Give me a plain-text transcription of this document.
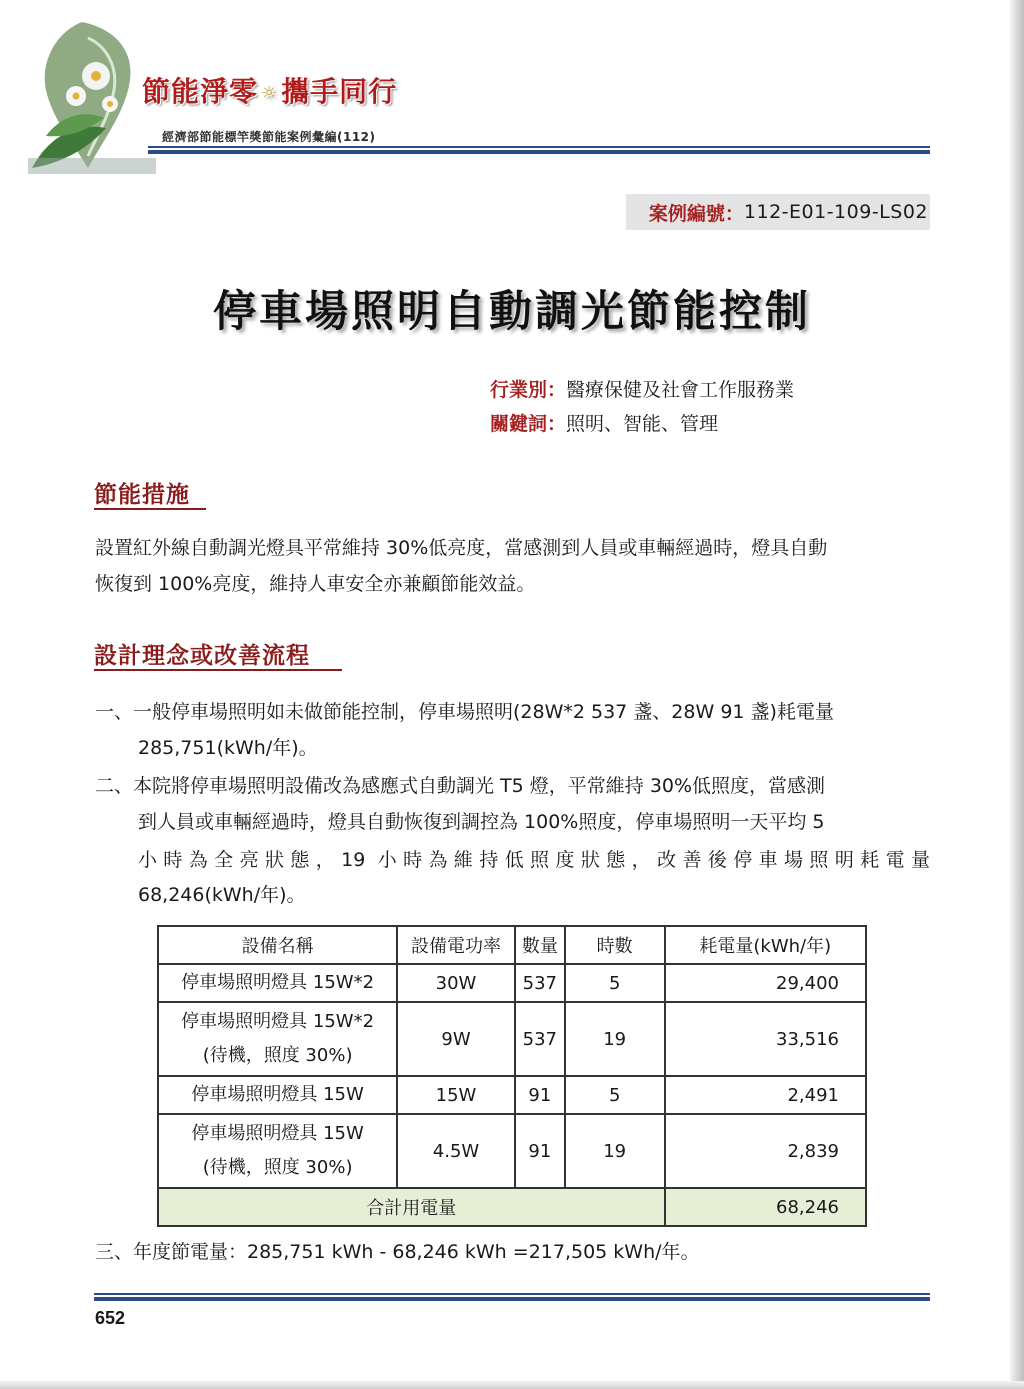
節能淨零 ☼ 攜手同行
經濟部節能標竿獎節能案例彙編(112)
案例編號： 112-E01-109-LS02
停車場照明自動調光節能控制
行業別：醫療保健及社會工作服務業
關鍵詞：照明、智能、管理
節能措施
設置紅外線自動調光燈具平常維持 30%低亮度，當感測到人員或車輛經過時，燈具自動
恢復到 100%亮度，維持人車安全亦兼顧節能效益。
設計理念或改善流程
一、一般停車場照明如未做節能控制，停車場照明(28W*2 537 盞、28W 91 盞)耗電量
285,751(kWh/年)。
二、本院將停車場照明設備改為感應式自動調光 T5 燈，平常維持 30%低照度，當感測
到人員或車輛經過時，燈具自動恢復到調控為 100%照度，停車場照明一天平均 5
小時為全亮狀態，19 小時為維持低照度狀態，改善後停車場照明耗電量
68,246(kWh/年)。
設備名稱	設備電功率	數量	時數	耗電量(kWh/年)
停車場照明燈具 15W*2	30W	537	5	29,400

停車場照明燈具 15W*2
(待機，照度 30%)	9W	537	19	33,516
停車場照明燈具 15W	15W	91	5	2,491

停車場照明燈具 15W
(待機，照度 30%)	4.5W	91	19	2,839
合計用電量				68,246
三、年度節電量：285,751 kWh - 68,246 kWh =217,505 kWh/年。
652
